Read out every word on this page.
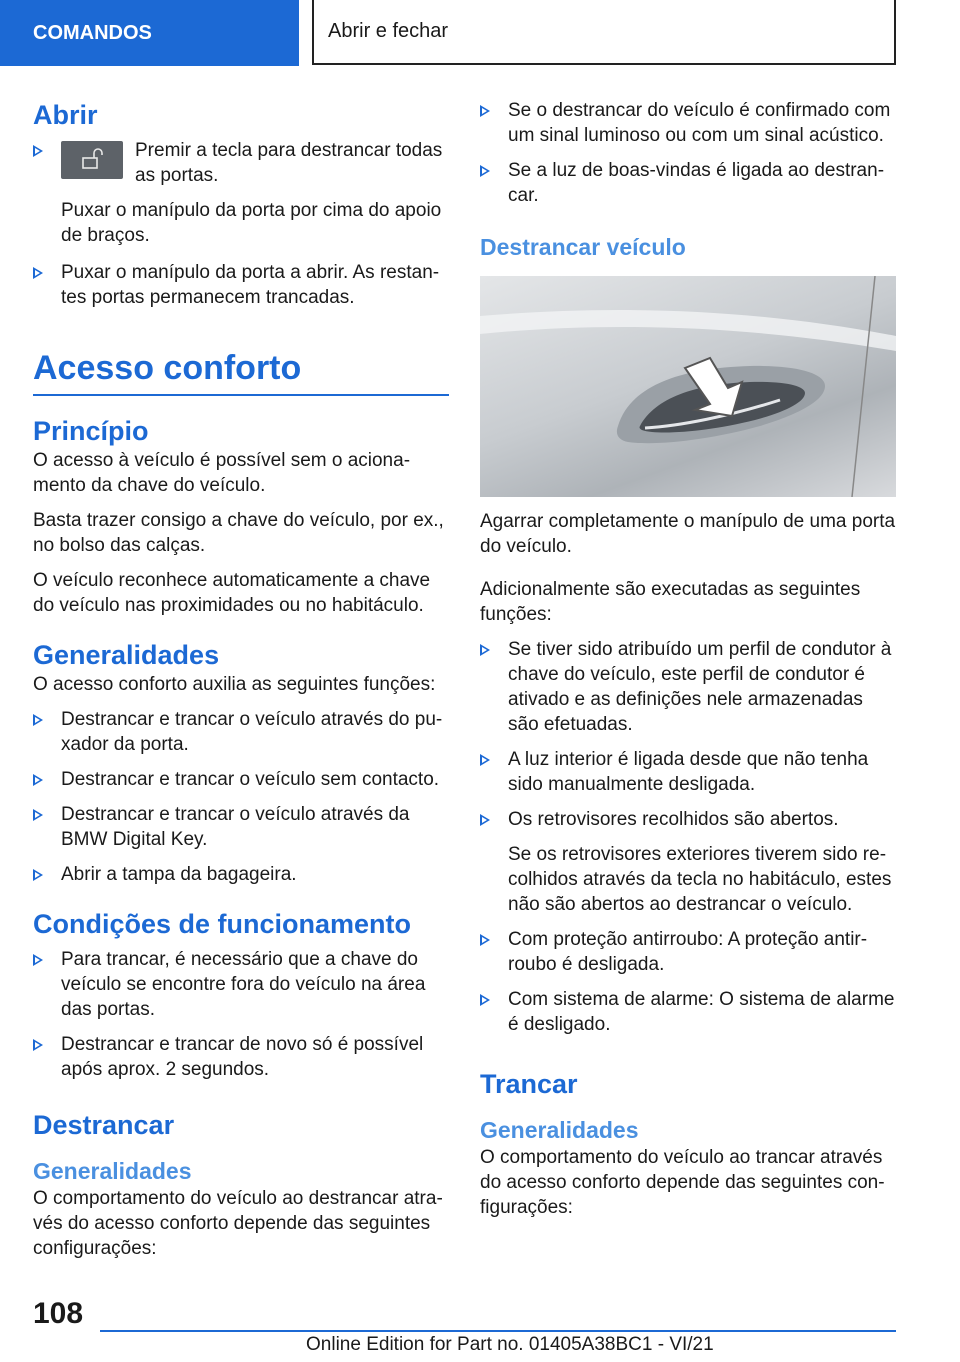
COMANDOS	Abrir e fechar
Abrir
Premir a tecla para destrancar todas as portas.
Puxar o manípulo da porta por cima do apoio de braços.
Puxar o manípulo da porta a abrir. As restantes portas permanecem trancadas.
Acesso conforto
Princípio

O acesso à veículo é possível sem o acionamento da chave do veículo.

Basta trazer consigo a chave do veículo, por ex., no bolso das calças.

O veículo reconhece automaticamente a chave do veículo nas proximidades ou no habitáculo.

Generalidades

O acesso conforto auxilia as seguintes funções:

Destrancar e trancar o veículo através do puxador da porta.
Destrancar e trancar o veículo sem contacto.
Destrancar e trancar o veículo através da BMW Digital Key.
Abrir a tampa da bagageira.
Condições de funcionamento
Para trancar, é necessário que a chave do veículo se encontre fora do veículo na área das portas.
Destrancar e trancar de novo só é possível após aprox. 2 segundos.
Destrancar
Generalidades

O comportamento do veículo ao destrancar através do acesso conforto depende das seguintes configurações:

Se o destrancar do veículo é confirmado com um sinal luminoso ou com um sinal acústico.
Se a luz de boas-vindas é ligada ao destrancar.
Destrancar veículo

Agarrar completamente o manípulo de uma porta do veículo.

Adicionalmente são executadas as seguintes funções:

Se tiver sido atribuído um perfil de condutor à chave do veículo, este perfil de condutor é ativado e as definições nele armazenadas são efetuadas.
A luz interior é ligada desde que não tenha sido manualmente desligada.
Os retrovisores recolhidos são abertos.
Se os retrovisores exteriores tiverem sido recolhidos através da tecla no habitáculo, estes não são abertos ao destrancar o veículo.
Com proteção antirroubo: A proteção antirroubo é desligada.
Com sistema de alarme: O sistema de alarme é desligado.
Trancar
Generalidades

O comportamento do veículo ao trancar através do acesso conforto depende das seguintes configurações:

108
Online Edition for Part no. 01405A38BC1 - VI/21
